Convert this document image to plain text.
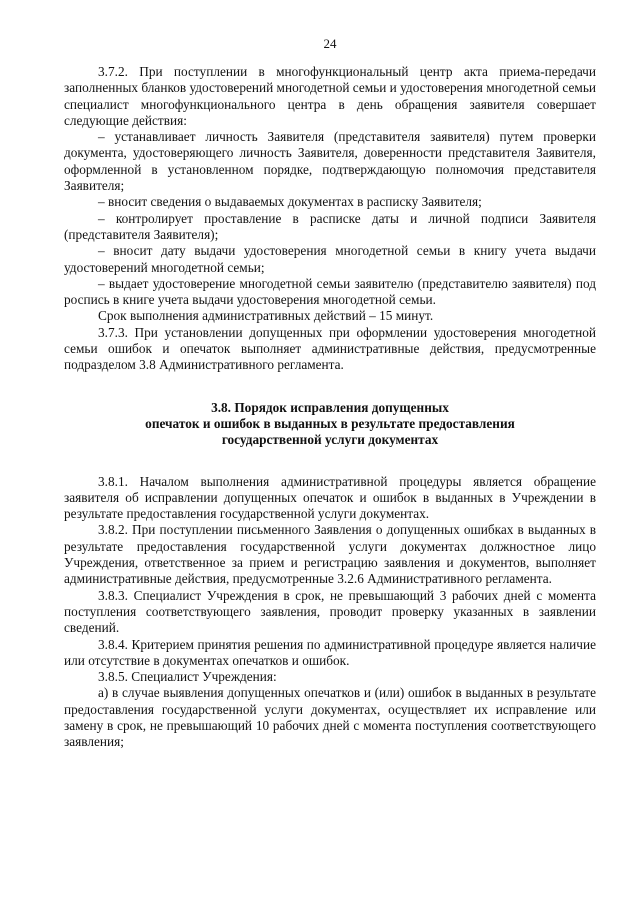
24

3.7.2. При поступлении в многофункциональный центр акта приема-передачи заполненных бланков удостоверений многодетной семьи и удостоверения многодетной семьи специалист многофункционального центра в день обращения заявителя совершает следующие действия:

– устанавливает личность Заявителя (представителя заявителя) путем проверки документа, удостоверяющего личность Заявителя, доверенности представителя Заявителя, оформленной в установленном порядке, подтверждающую полномочия представителя Заявителя;

– вносит сведения о выдаваемых документах в расписку Заявителя;

– контролирует проставление в расписке даты и личной подписи Заявителя (представителя Заявителя);

– вносит дату выдачи удостоверения многодетной семьи в книгу учета выдачи удостоверений многодетной семьи;

– выдает удостоверение многодетной семьи заявителю (представителю заявителя) под роспись в книге учета выдачи удостоверения многодетной семьи.

Срок выполнения административных действий – 15 минут.

3.7.3. При установлении допущенных при оформлении удостоверения многодетной семьи ошибок и опечаток выполняет административные действия, предусмотренные подразделом 3.8 Административного регламента.

3.8. Порядок исправления допущенных
опечаток и ошибок в выданных в результате предоставления
государственной услуги документах

3.8.1. Началом выполнения административной процедуры является обращение заявителя об исправлении допущенных опечаток и ошибок в выданных в Учреждении в результате предоставления государственной услуги документах.

3.8.2. При поступлении письменного Заявления о допущенных ошибках в выданных в результате предоставления государственной услуги документах должностное лицо Учреждения, ответственное за прием и регистрацию заявления и документов, выполняет административные действия, предусмотренные 3.2.6 Административного регламента.

3.8.3. Специалист Учреждения в срок, не превышающий 3 рабочих дней с момента поступления соответствующего заявления, проводит проверку указанных в заявлении сведений.

3.8.4. Критерием принятия решения по административной процедуре является наличие или отсутствие в документах опечатков и ошибок.

3.8.5. Специалист Учреждения:

а) в случае выявления допущенных опечатков и (или) ошибок в выданных в результате предоставления государственной услуги документах, осуществляет их исправление или замену в срок, не превышающий 10 рабочих дней с момента поступления соответствующего заявления;
